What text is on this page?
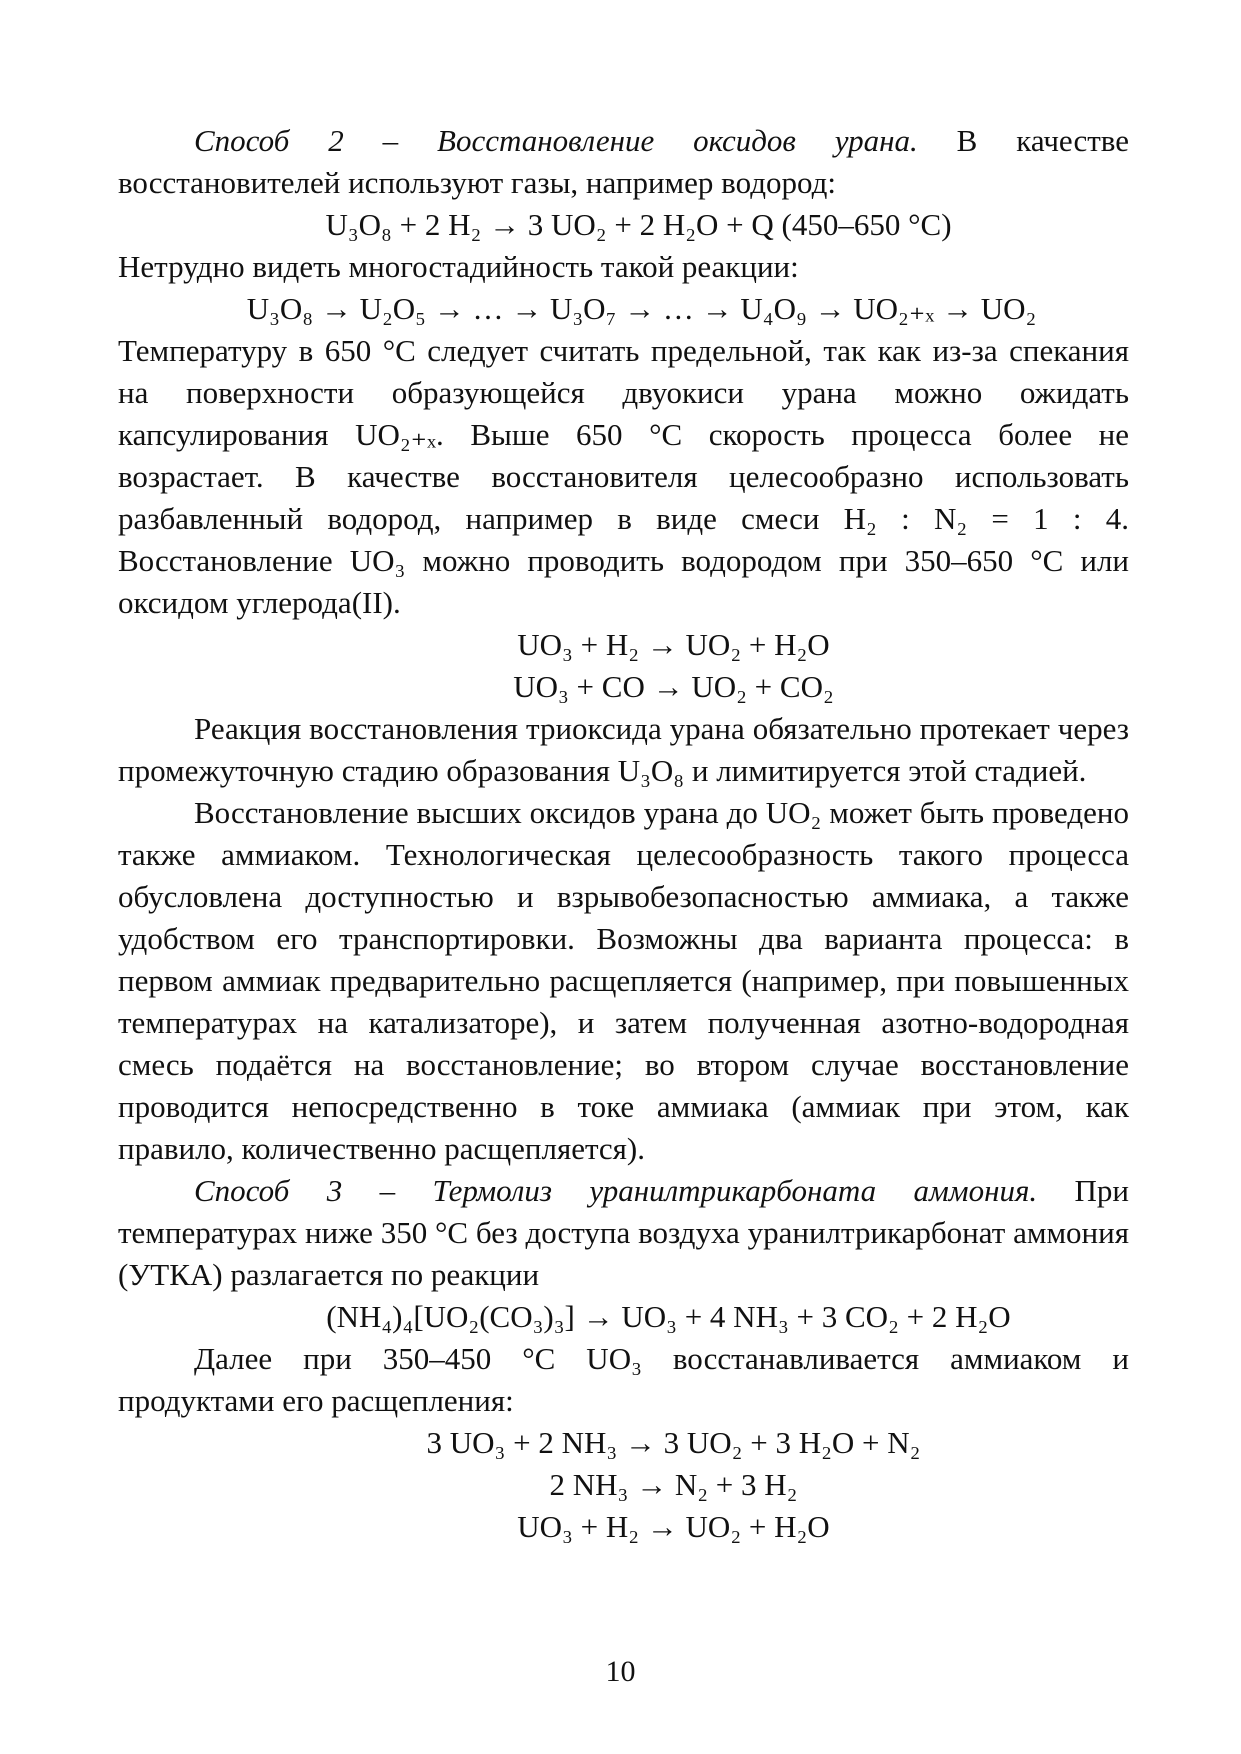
Способ 2 – Восстановление оксидов урана. В качестве восстановителей используют газы, например водород:

U₃O₈ + 2 H₂ → 3 UO₂ + 2 H₂O + Q (450–650 °С)

Нетрудно видеть многостадийность такой реакции:

U₃O₈ → U₂O₅ → … → U₃O₇ → … → U₄O₉ → UO₂₊ₓ → UO₂

Температуру в 650 °С следует считать предельной, так как из-за спекания на поверхности образующейся двуокиси урана можно ожидать капсулирования UO₂₊ₓ. Выше 650 °С скорость процесса более не возрастает. В качестве восстановителя целесообразно использовать разбавленный водород, например в виде смеси H₂ : N₂ = 1 : 4. Восстановление UO₃ можно проводить водородом при 350–650 °С или оксидом углерода(II).

UO₃ + H₂ → UO₂ + H₂O

UO₃ + CO → UO₂ + CO₂

Реакция восстановления триоксида урана обязательно протекает через промежуточную стадию образования U₃O₈ и лимитируется этой стадией.

Восстановление высших оксидов урана до UO₂ может быть проведено также аммиаком. Технологическая целесообразность такого процесса обусловлена доступностью и взрывобезопасностью аммиака, а также удобством его транспортировки. Возможны два варианта процесса: в первом аммиак предварительно расщепляется (например, при повышенных температурах на катализаторе), и затем полученная азотно-водородная смесь подаётся на восстановление; во втором случае восстановление проводится непосредственно в токе аммиака (аммиак при этом, как правило, количественно расщепляется).

Способ 3 – Термолиз уранилтрикарбоната аммония. При температурах ниже 350 °С без доступа воздуха уранилтрикарбонат аммония (УТКА) разлагается по реакции

(NH₄)₄[UO₂(CO₃)₃] → UO₃ + 4 NH₃ + 3 CO₂ + 2 H₂O

Далее при 350–450 °С UO₃ восстанавливается аммиаком и продуктами его расщепления:

3 UO₃ + 2 NH₃ → 3 UO₂ + 3 H₂O + N₂

2 NH₃ → N₂ + 3 H₂

UO₃ + H₂ → UO₂ + H₂O

10
